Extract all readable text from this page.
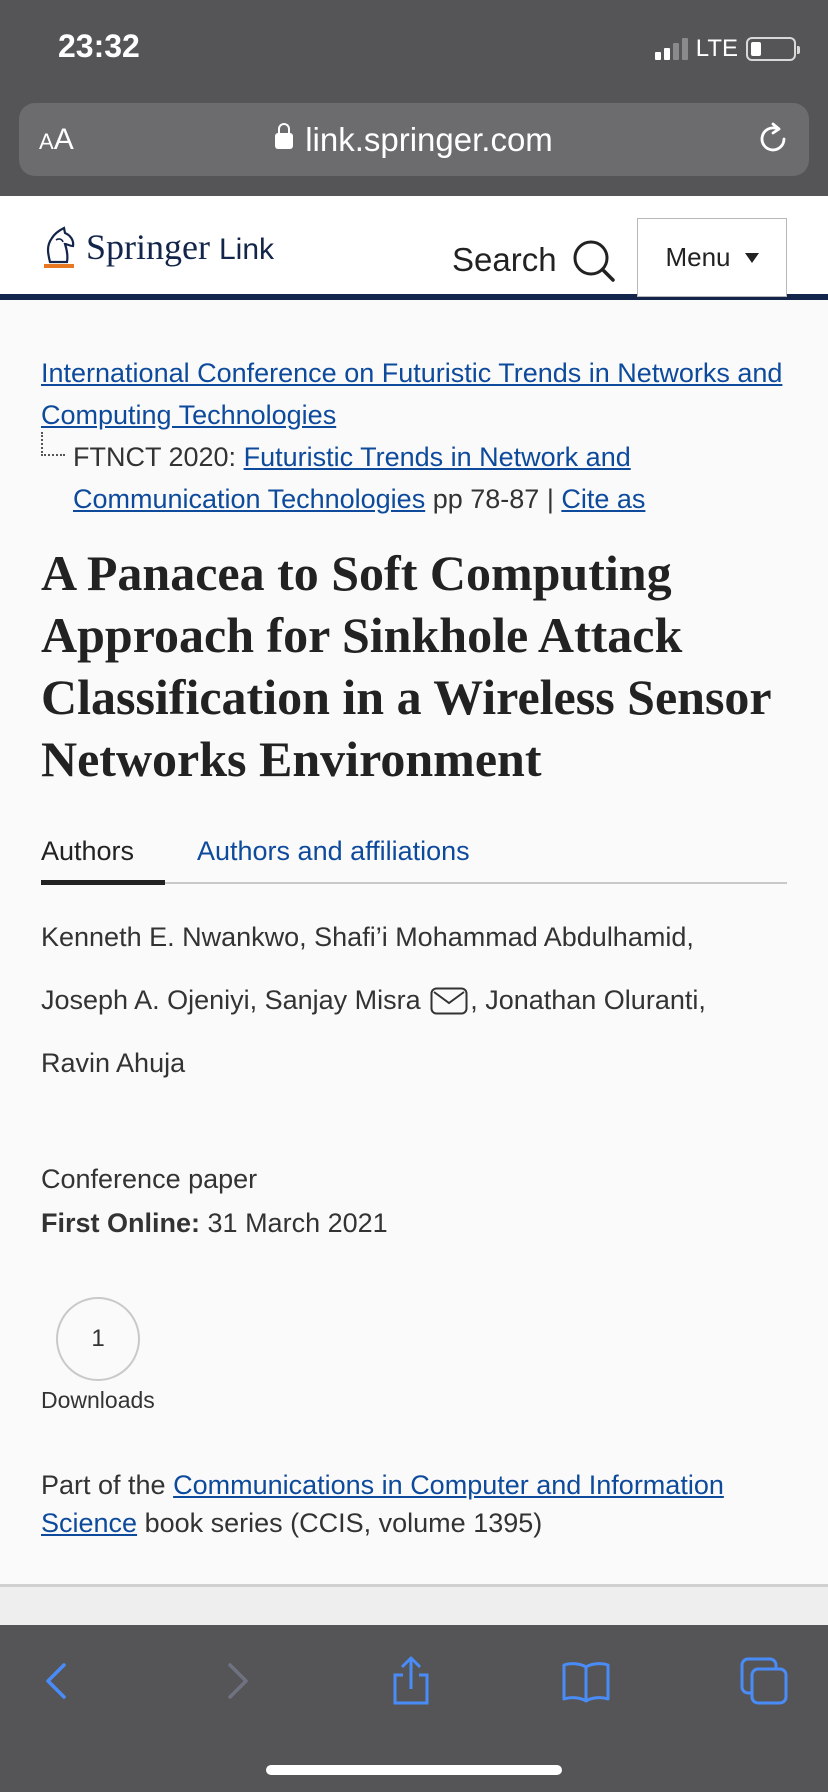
23:32	LTE
AA	link.springer.com
Springer Link	Search	Menu
International Conference on Futuristic Trends in Networks and Computing Technologies
FTNCT 2020: Futuristic Trends in Network and Communication Technologies pp 78-87 | Cite as
A Panacea to Soft Computing Approach for Sinkhole Attack Classification in a Wireless Sensor Networks Environment
Authors Authors and affiliations
Kenneth E. Nwankwo, Shafi’i Mohammad Abdulhamid,
Joseph A. Ojeniyi, Sanjay Misra , Jonathan Oluranti,
Ravin Ahuja
Conference paper
First Online: 31 March 2021
1
Downloads
Part of the Communications in Computer and Information Science book series (CCIS, volume 1395)
